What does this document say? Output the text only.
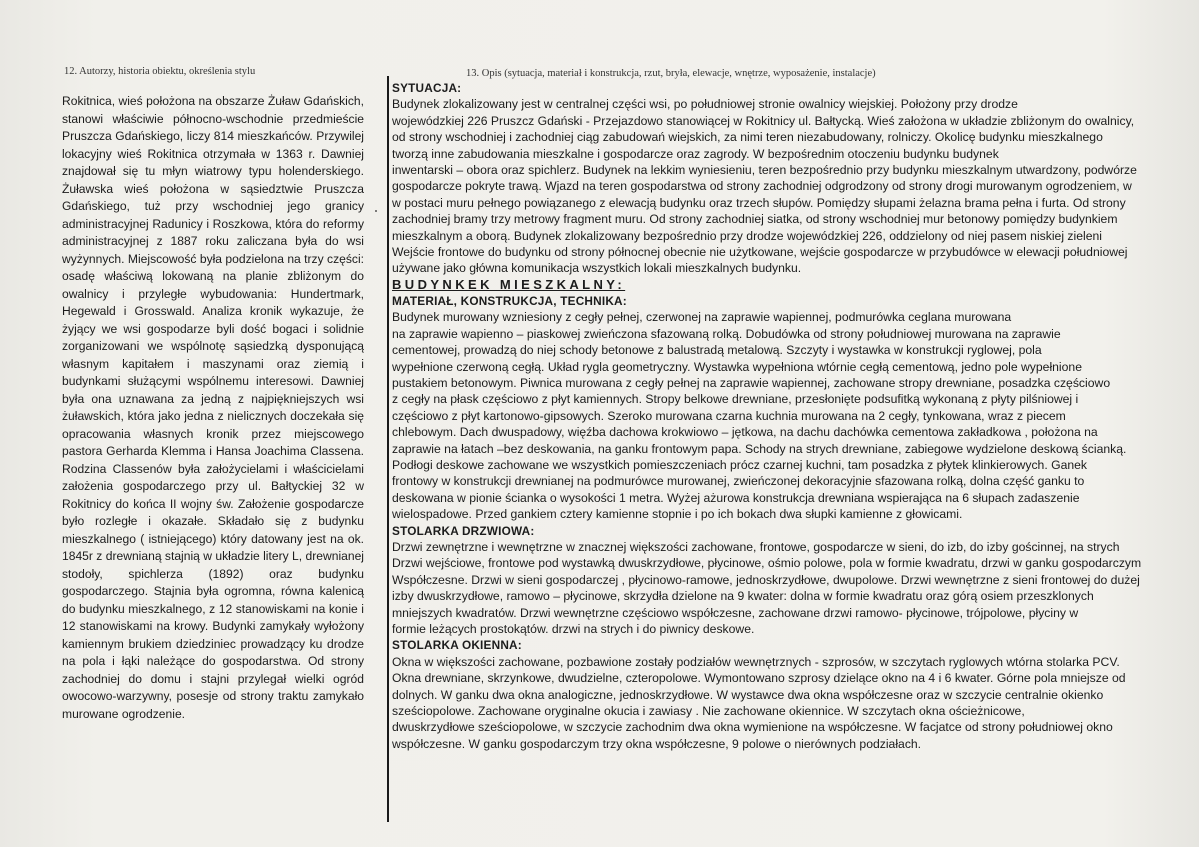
12. Autorzy, historia obiektu, określenia stylu	13. Opis (sytuacja, materiał i konstrukcja, rzut, bryła, elewacje, wnętrze, wyposażenie, instalacje)
Rokitnica, wieś położona na obszarze Żuław Gdańskich, stanowi właściwie północno-wschodnie przedmieście Pruszcza Gdańskiego, liczy 814 mieszkańców. Przywilej lokacyjny wieś Rokitnica otrzymała w 1363 r. Dawniej znajdował się tu młyn wiatrowy typu holenderskiego. Żuławska wieś położona w sąsiedztwie Pruszcza Gdańskiego, tuż przy wschodniej jego granicy administracyjnej Radunicy i Roszkowa, która do reformy administracyjnej z 1887 roku zaliczana była do wsi wyżynnych. Miejscowość była podzielona na trzy części: osadę właściwą lokowaną na planie zbliżonym do owalnicy i przyległe wybudowania: Hundertmark, Hegewald i Grosswald. Analiza kronik wykazuje, że żyjący we wsi gospodarze byli dość bogaci i solidnie zorganizowani we wspólnotę sąsiedzką dysponującą własnym kapitałem i maszynami oraz ziemią i budynkami służącymi wspólnemu interesowi. Dawniej była ona uznawana za jedną z najpiękniejszych wsi żuławskich, która jako jedna z nielicznych doczekała się opracowania własnych kronik przez miejscowego pastora Gerharda Klemma i Hansa Joachima Classena. Rodzina Classenów była założycielami i właścicielami założenia gospodarczego przy ul. Bałtyckiej 32 w Rokitnicy do końca II wojny św. Założenie gospodarcze było rozległe i okazałe. Składało się z budynku mieszkalnego ( istniejącego) który datowany jest na ok. 1845r z drewnianą stajnią w układzie litery L, drewnianej stodoły, spichlerza (1892) oraz budynku gospodarczego. Stajnia była ogromna, równa kalenicą do budynku mieszkalnego, z 12 stanowiskami na konie i 12 stanowiskami na krowy. Budynki zamykały wyłożony kamiennym brukiem dziedziniec prowadzący ku drodze na pola i łąki należące do gospodarstwa. Od strony zachodniej do domu i stajni przylegał wielki ogród owocowo-warzywny, posesje od strony traktu zamykało murowane ogrodzenie.
SYTUACJA:
Budynek zlokalizowany jest w centralnej części wsi, po południowej stronie owalnicy wiejskiej. Położony przy drodze
wojewódzkiej 226 Pruszcz Gdański - Przejazdowo stanowiącej w Rokitnicy ul. Bałtycką. Wieś założona w układzie zbliżonym do owalnicy,
od strony wschodniej i zachodniej ciąg zabudowań wiejskich, za nimi teren niezabudowany, rolniczy. Okolicę budynku mieszkalnego
tworzą inne zabudowania mieszkalne i gospodarcze oraz zagrody. W bezpośrednim otoczeniu budynku budynek
inwentarski – obora oraz spichlerz. Budynek na lekkim wyniesieniu, teren bezpośrednio przy budynku mieszkalnym utwardzony, podwórze
gospodarcze pokryte trawą. Wjazd na teren gospodarstwa od strony zachodniej odgrodzony od strony drogi murowanym ogrodzeniem, w
w postaci muru pełnego powiązanego z elewacją budynku oraz trzech słupów. Pomiędzy słupami żelazna brama pełna i furta. Od strony
zachodniej bramy trzy metrowy fragment muru. Od strony zachodniej siatka, od strony wschodniej mur betonowy pomiędzy budynkiem
mieszkalnym a oborą. Budynek zlokalizowany bezpośrednio przy drodze wojewódzkiej 226, oddzielony od niej pasem niskiej zieleni
Wejście frontowe do budynku od strony północnej obecnie nie użytkowane, wejście gospodarcze w przybudówce w elewacji południowej
używane jako główna komunikacja wszystkich lokali mieszkalnych budynku.
BUDYNKEK MIESZKALNY:
MATERIAŁ, KONSTRUKCJA, TECHNIKA:
Budynek murowany wzniesiony z cegły pełnej, czerwonej na zaprawie wapiennej, podmurówka ceglana murowana
na zaprawie wapienno – piaskowej zwieńczona sfazowaną rolką. Dobudówka od strony południowej murowana na zaprawie
cementowej, prowadzą do niej schody betonowe z balustradą metalową. Szczyty i wystawka w konstrukcji ryglowej, pola
wypełnione czerwoną cegłą. Układ rygla geometryczny. Wystawka wypełniona wtórnie cegłą cementową, jedno pole wypełnione
pustakiem betonowym. Piwnica murowana z cegły pełnej na zaprawie wapiennej, zachowane stropy drewniane, posadzka częściowo
z cegły na płask częściowo z płyt kamiennych. Stropy belkowe drewniane, przesłonięte podsufitką wykonaną z płyty pilśniowej i
częściowo z płyt kartonowo-gipsowych. Szeroko murowana czarna kuchnia murowana na 2 cegły, tynkowana, wraz z piecem
chlebowym. Dach dwuspadowy, więźba dachowa krokwiowo – jętkowa, na dachu dachówka cementowa zakładkowa , położona na
zaprawie na łatach –bez deskowania, na ganku frontowym papa. Schody na strych drewniane, zabiegowe wydzielone deskową ścianką.
Podłogi deskowe zachowane we wszystkich pomieszczeniach prócz czarnej kuchni, tam posadzka z płytek klinkierowych. Ganek
frontowy w konstrukcji drewnianej na podmurówce murowanej, zwieńczonej dekoracyjnie sfazowana rolką, dolna część ganku to
deskowana w pionie ścianka o wysokości 1 metra. Wyżej ażurowa konstrukcja drewniana wspierająca na 6 słupach zadaszenie
wielospadowe. Przed gankiem cztery kamienne stopnie i po ich bokach dwa słupki kamienne z głowicami.
STOLARKA DRZWIOWA:
Drzwi zewnętrzne i wewnętrzne w znacznej większości zachowane, frontowe, gospodarcze w sieni, do izb, do izby gościnnej, na strych
Drzwi wejściowe, frontowe pod wystawką dwuskrzydłowe, płycinowe, ośmio polowe, pola w formie kwadratu, drzwi w ganku gospodarczym
Współczesne. Drzwi w sieni gospodarczej , płycinowo-ramowe, jednoskrzydłowe, dwupolowe. Drzwi wewnętrzne z sieni frontowej do dużej
izby dwuskrzydłowe, ramowo – płycinowe, skrzydła dzielone na 9 kwater: dolna w formie kwadratu oraz górą osiem przeszklonych
mniejszych kwadratów. Drzwi wewnętrzne częściowo współczesne, zachowane drzwi ramowo- płycinowe, trójpolowe, płyciny w
formie leżących prostokątów. drzwi na strych i do piwnicy deskowe.
STOLARKA OKIENNA:
Okna w większości zachowane, pozbawione zostały podziałów wewnętrznych - szprosów, w szczytach ryglowych wtórna stolarka PCV.
Okna drewniane, skrzynkowe, dwudzielne, czteropolowe. Wymontowano szprosy dzielące okno na 4 i 6 kwater. Górne pola mniejsze od
dolnych. W ganku dwa okna analogiczne, jednoskrzydłowe. W wystawce dwa okna współczesne oraz w szczycie centralnie okienko
sześciopolowe. Zachowane oryginalne okucia i zawiasy . Nie zachowane okiennice. W szczytach okna ościeżnicowe,
dwuskrzydłowe sześciopolowe, w szczycie zachodnim dwa okna wymienione na współczesne. W facjatce od strony południowej okno
współczesne. W ganku gospodarczym trzy okna współczesne, 9 polowe o nierównych podziałach.
